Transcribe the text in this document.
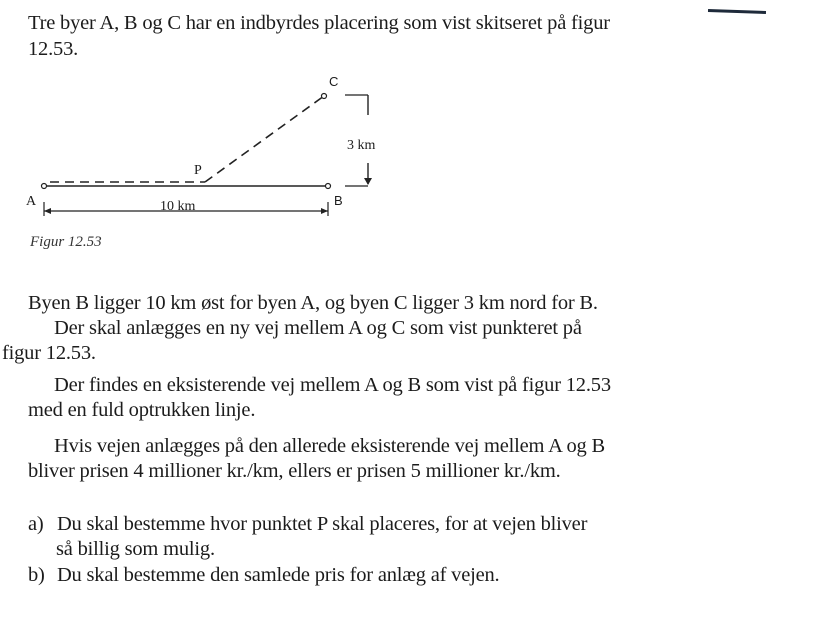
Tre byer A, B og C har en indbyrdes placering som vist skitseret på figur
12.53.
A	B
C
P
10 km
3 km
Figur 12.53
Byen B ligger 10 km øst for byen A, og byen C ligger 3 km nord for B.
Der skal anlægges en ny vej mellem A og C som vist punkteret på
figur 12.53.
Der findes en eksisterende vej mellem A og B som vist på figur 12.53
med en fuld optrukken linje.
Hvis vejen anlægges på den allerede eksisterende vej mellem A og B
bliver prisen 4 millioner kr./km, ellers er prisen 5 millioner kr./km.
a) Du skal bestemme hvor punktet P skal placeres, for at vejen bliver
så billig som mulig.
b) Du skal bestemme den samlede pris for anlæg af vejen.
